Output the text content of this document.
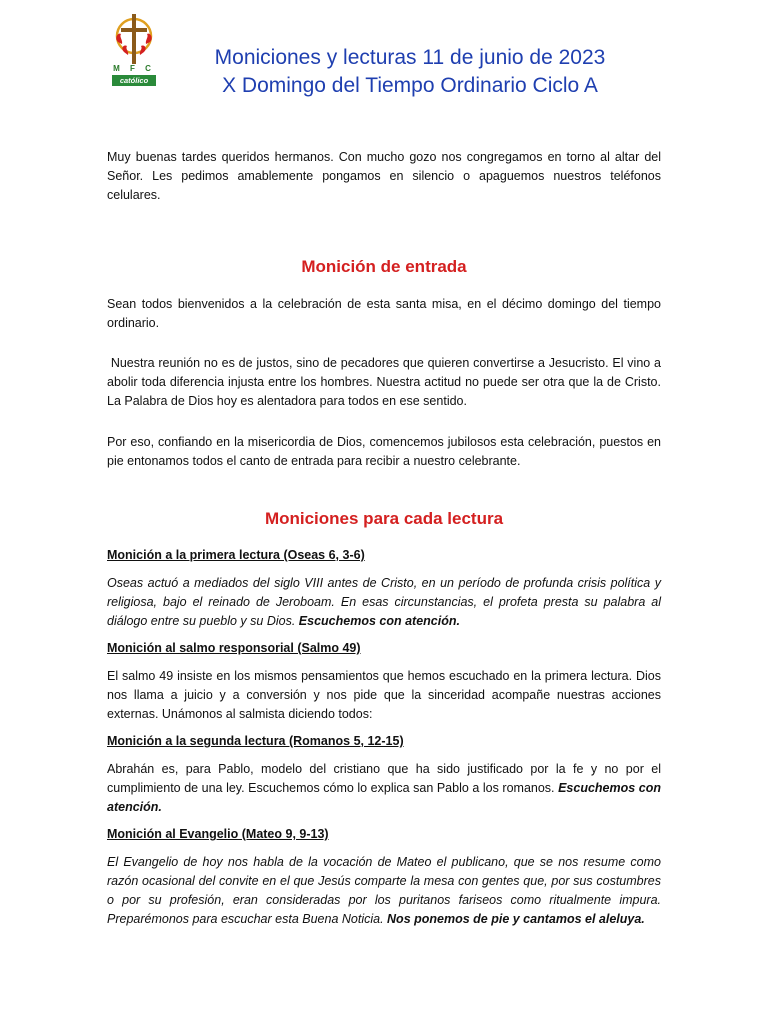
M F C
católico
Moniciones y lecturas 11 de junio de 2023
X Domingo del Tiempo Ordinario Ciclo A

Muy buenas tardes queridos hermanos. Con mucho gozo nos congregamos en torno al altar del Señor. Les pedimos amablemente pongamos en silencio o apaguemos nuestros teléfonos celulares.

Monición de entrada

Sean todos bienvenidos a la celebración de esta santa misa, en el décimo domingo del tiempo ordinario.

Nuestra reunión no es de justos, sino de pecadores que quieren convertirse a Jesucristo. El vino a abolir toda diferencia injusta entre los hombres. Nuestra actitud no puede ser otra que la de Cristo. La Palabra de Dios hoy es alentadora para todos en ese sentido.

Por eso, confiando en la misericordia de Dios, comencemos jubilosos esta celebración, puestos en pie entonamos todos el canto de entrada para recibir a nuestro celebrante.

Moniciones para cada lectura
Monición a la primera lectura (Oseas 6, 3-6)

Oseas actuó a mediados del siglo VIII antes de Cristo, en un período de profunda crisis política y religiosa, bajo el reinado de Jeroboam. En esas circunstancias, el profeta presta su palabra al diálogo entre su pueblo y su Dios. Escuchemos con atención.

Monición al salmo responsorial (Salmo 49)

El salmo 49 insiste en los mismos pensamientos que hemos escuchado en la primera lectura. Dios nos llama a juicio y a conversión y nos pide que la sinceridad acompañe nuestras acciones externas. Unámonos al salmista diciendo todos:

Monición a la segunda lectura (Romanos 5, 12-15)

Abrahán es, para Pablo, modelo del cristiano que ha sido justificado por la fe y no por el cumplimiento de una ley. Escuchemos cómo lo explica san Pablo a los romanos. Escuchemos con atención.

Monición al Evangelio (Mateo 9, 9-13)

El Evangelio de hoy nos habla de la vocación de Mateo el publicano, que se nos resume como razón ocasional del convite en el que Jesús comparte la mesa con gentes que, por sus costumbres o por su profesión, eran consideradas por los puritanos fariseos como ritualmente impura. Preparémonos para escuchar esta Buena Noticia. Nos ponemos de pie y cantamos el aleluya.
